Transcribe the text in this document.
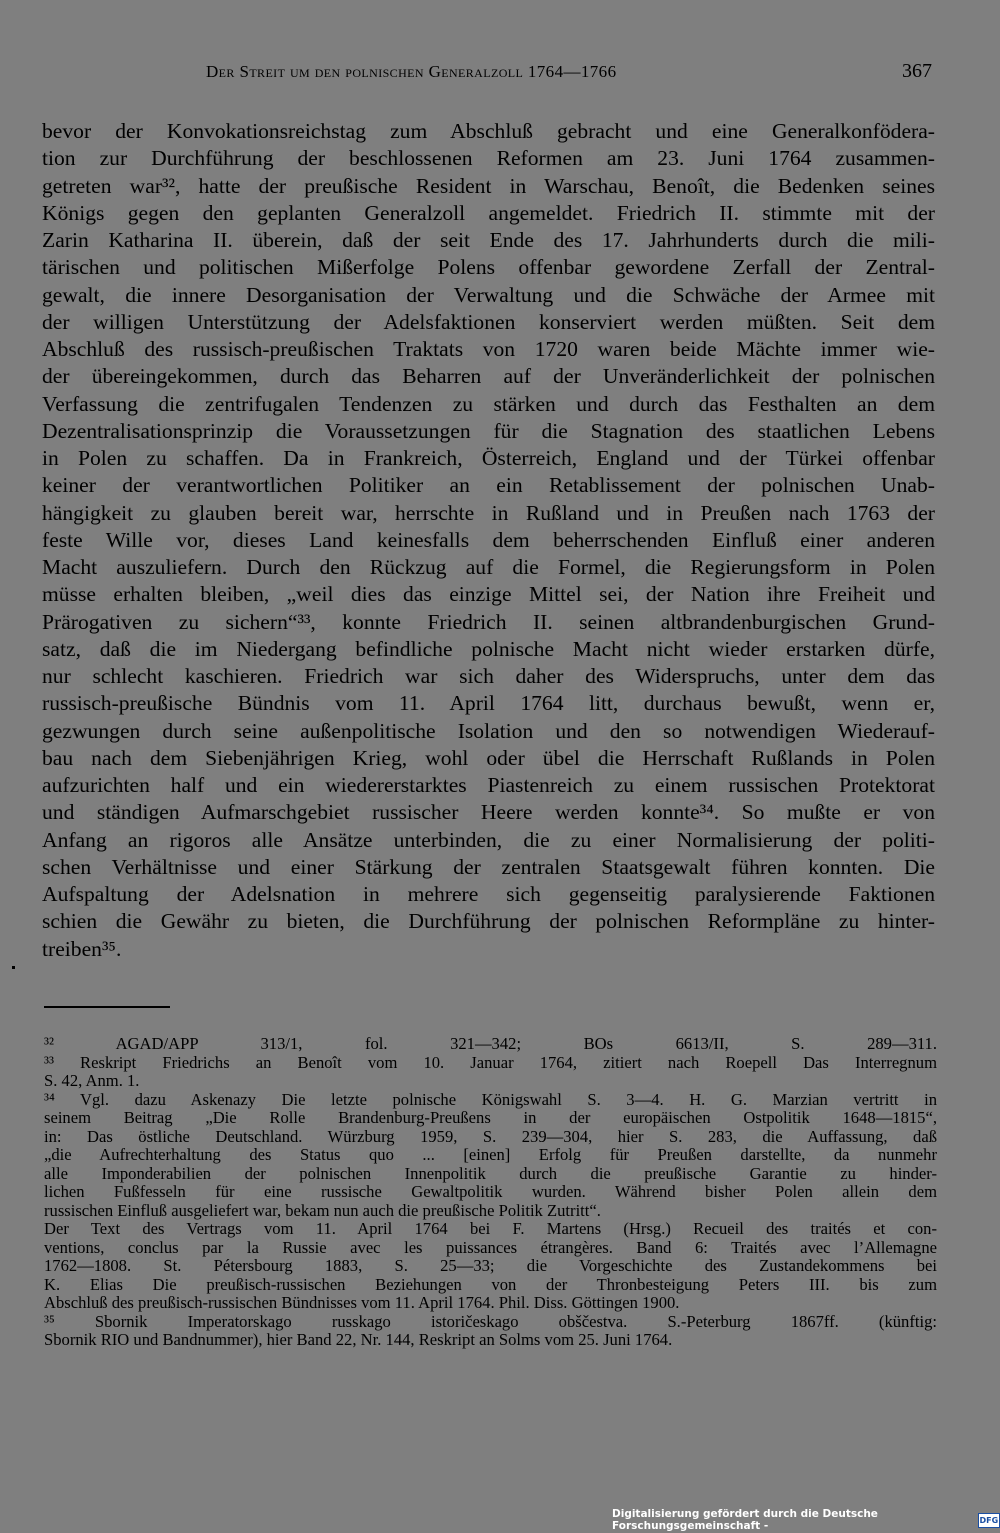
Der Streit um den polnischen Generalzoll 1764—1766	367
bevor der Konvokationsreichstag zum Abschluß gebracht und eine Generalkonfödera-
tion zur Durchführung der beschlossenen Reformen am 23. Juni 1764 zusammen-
getreten war³², hatte der preußische Resident in Warschau, Benoît, die Bedenken seines
Königs gegen den geplanten Generalzoll angemeldet. Friedrich II. stimmte mit der
Zarin Katharina II. überein, daß der seit Ende des 17. Jahrhunderts durch die mili-
tärischen und politischen Mißerfolge Polens offenbar gewordene Zerfall der Zentral-
gewalt, die innere Desorganisation der Verwaltung und die Schwäche der Armee mit
der willigen Unterstützung der Adelsfaktionen konserviert werden müßten. Seit dem
Abschluß des russisch-preußischen Traktats von 1720 waren beide Mächte immer wie-
der übereingekommen, durch das Beharren auf der Unveränderlichkeit der polnischen
Verfassung die zentrifugalen Tendenzen zu stärken und durch das Festhalten an dem
Dezentralisationsprinzip die Voraussetzungen für die Stagnation des staatlichen Lebens
in Polen zu schaffen. Da in Frankreich, Österreich, England und der Türkei offenbar
keiner der verantwortlichen Politiker an ein Retablissement der polnischen Unab-
hängigkeit zu glauben bereit war, herrschte in Rußland und in Preußen nach 1763 der
feste Wille vor, dieses Land keinesfalls dem beherrschenden Einfluß einer anderen
Macht auszuliefern. Durch den Rückzug auf die Formel, die Regierungsform in Polen
müsse erhalten bleiben, „weil dies das einzige Mittel sei, der Nation ihre Freiheit und
Prärogativen zu sichern“³³, konnte Friedrich II. seinen altbrandenburgischen Grund-
satz, daß die im Niedergang befindliche polnische Macht nicht wieder erstarken dürfe,
nur schlecht kaschieren. Friedrich war sich daher des Widerspruchs, unter dem das
russisch-preußische Bündnis vom 11. April 1764 litt, durchaus bewußt, wenn er,
gezwungen durch seine außenpolitische Isolation und den so notwendigen Wiederauf-
bau nach dem Siebenjährigen Krieg, wohl oder übel die Herrschaft Rußlands in Polen
aufzurichten half und ein wiedererstarktes Piastenreich zu einem russischen Protektorat
und ständigen Aufmarschgebiet russischer Heere werden konnte³⁴. So mußte er von
Anfang an rigoros alle Ansätze unterbinden, die zu einer Normalisierung der politi-
schen Verhältnisse und einer Stärkung der zentralen Staatsgewalt führen konnten. Die
Aufspaltung der Adelsnation in mehrere sich gegenseitig paralysierende Faktionen
schien die Gewähr zu bieten, die Durchführung der polnischen Reformpläne zu hinter-
treiben³⁵.
³² AGAD/APP 313/1, fol. 321—342; BOs 6613/II, S. 289—311.
³³ Reskript Friedrichs an Benoît vom 10. Januar 1764, zitiert nach Roepell Das Interregnum
S. 42, Anm. 1.
³⁴ Vgl. dazu Askenazy Die letzte polnische Königswahl S. 3—4. H. G. Marzian vertritt in
seinem Beitrag „Die Rolle Brandenburg-Preußens in der europäischen Ostpolitik 1648—1815“,
in: Das östliche Deutschland. Würzburg 1959, S. 239—304, hier S. 283, die Auffassung, daß
„die Aufrechterhaltung des Status quo ... [einen] Erfolg für Preußen darstellte, da nunmehr
alle Imponderabilien der polnischen Innenpolitik durch die preußische Garantie zu hinder-
lichen Fußfesseln für eine russische Gewaltpolitik wurden. Während bisher Polen allein dem
russischen Einfluß ausgeliefert war, bekam nun auch die preußische Politik Zutritt“.
Der Text des Vertrags vom 11. April 1764 bei F. Martens (Hrsg.) Recueil des traités et con-
ventions, conclus par la Russie avec les puissances étrangères. Band 6: Traités avec l’Allemagne
1762—1808. St. Pétersbourg 1883, S. 25—33; die Vorgeschichte des Zustandekommens bei
K. Elias Die preußisch-russischen Beziehungen von der Thronbesteigung Peters III. bis zum
Abschluß des preußisch-russischen Bündnisses vom 11. April 1764. Phil. Diss. Göttingen 1900.
³⁵ Sbornik Imperatorskago russkago istoričeskago obščestva. S.-Peterburg 1867ff. (künftig:
Sbornik RIO und Bandnummer), hier Band 22, Nr. 144, Reskript an Solms vom 25. Juni 1764.
Digitalisierung gefördert durch die Deutsche Forschungsgemeinschaft -	DFG
